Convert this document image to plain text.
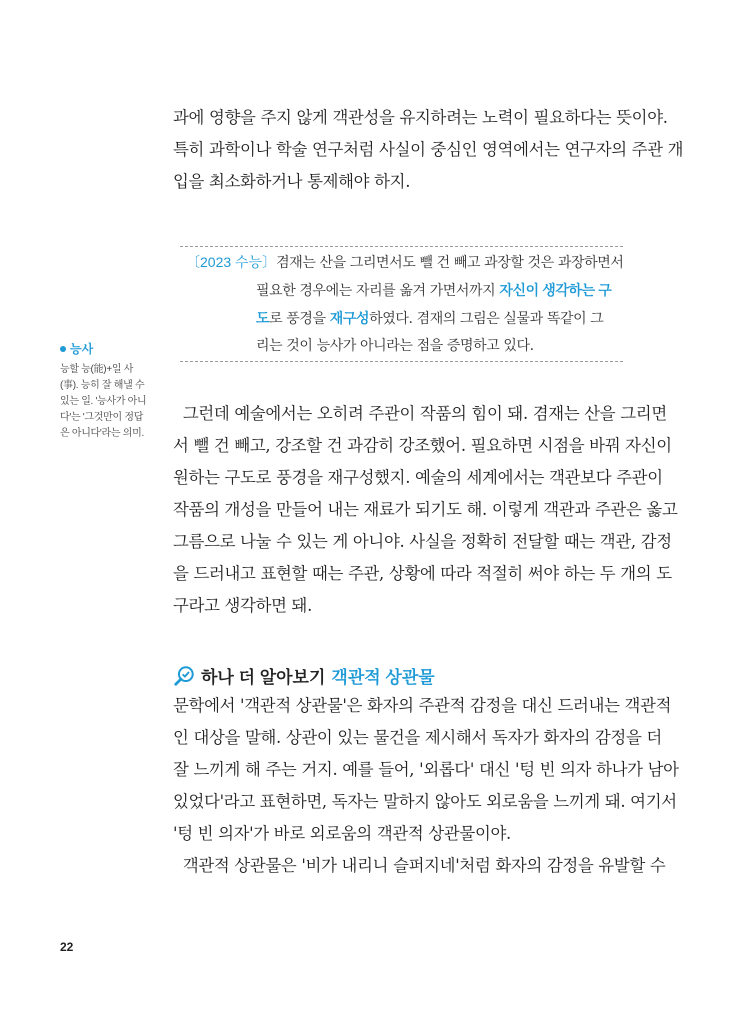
과에 영향을 주지 않게 객관성을 유지하려는 노력이 필요하다는 뜻이야.
특히 과학이나 학술 연구처럼 사실이 중심인 영역에서는 연구자의 주관 개
입을 최소화하거나 통제해야 하지.
〔2023 수능〕겸재는 산을 그리면서도 뺄 건 빼고 과장할 것은 과장하면서
필요한 경우에는 자리를 옮겨 가면서까지 자신이 생각하는 구
도로 풍경을 재구성하였다. 겸재의 그림은 실물과 똑같이 그
리는 것이 능사가 아니라는 점을 증명하고 있다.
능사
능할 능(能)+일 사
(事). 능히 잘 해낼 수
있는 일. '능사가 아니
다'는 '그것만이 정답
은 아니다'라는 의미.
그런데 예술에서는 오히려 주관이 작품의 힘이 돼. 겸재는 산을 그리면
서 뺄 건 빼고, 강조할 건 과감히 강조했어. 필요하면 시점을 바꿔 자신이
원하는 구도로 풍경을 재구성했지. 예술의 세계에서는 객관보다 주관이
작품의 개성을 만들어 내는 재료가 되기도 해. 이렇게 객관과 주관은 옳고
그름으로 나눌 수 있는 게 아니야. 사실을 정확히 전달할 때는 객관, 감정
을 드러내고 표현할 때는 주관, 상황에 따라 적절히 써야 하는 두 개의 도
구라고 생각하면 돼.
하나 더 알아보기 객관적 상관물
문학에서 '객관적 상관물'은 화자의 주관적 감정을 대신 드러내는 객관적
인 대상을 말해. 상관이 있는 물건을 제시해서 독자가 화자의 감정을 더
잘 느끼게 해 주는 거지. 예를 들어, '외롭다' 대신 '텅 빈 의자 하나가 남아
있었다'라고 표현하면, 독자는 말하지 않아도 외로움을 느끼게 돼. 여기서
'텅 빈 의자'가 바로 외로움의 객관적 상관물이야.
객관적 상관물은 '비가 내리니 슬퍼지네'처럼 화자의 감정을 유발할 수
22
